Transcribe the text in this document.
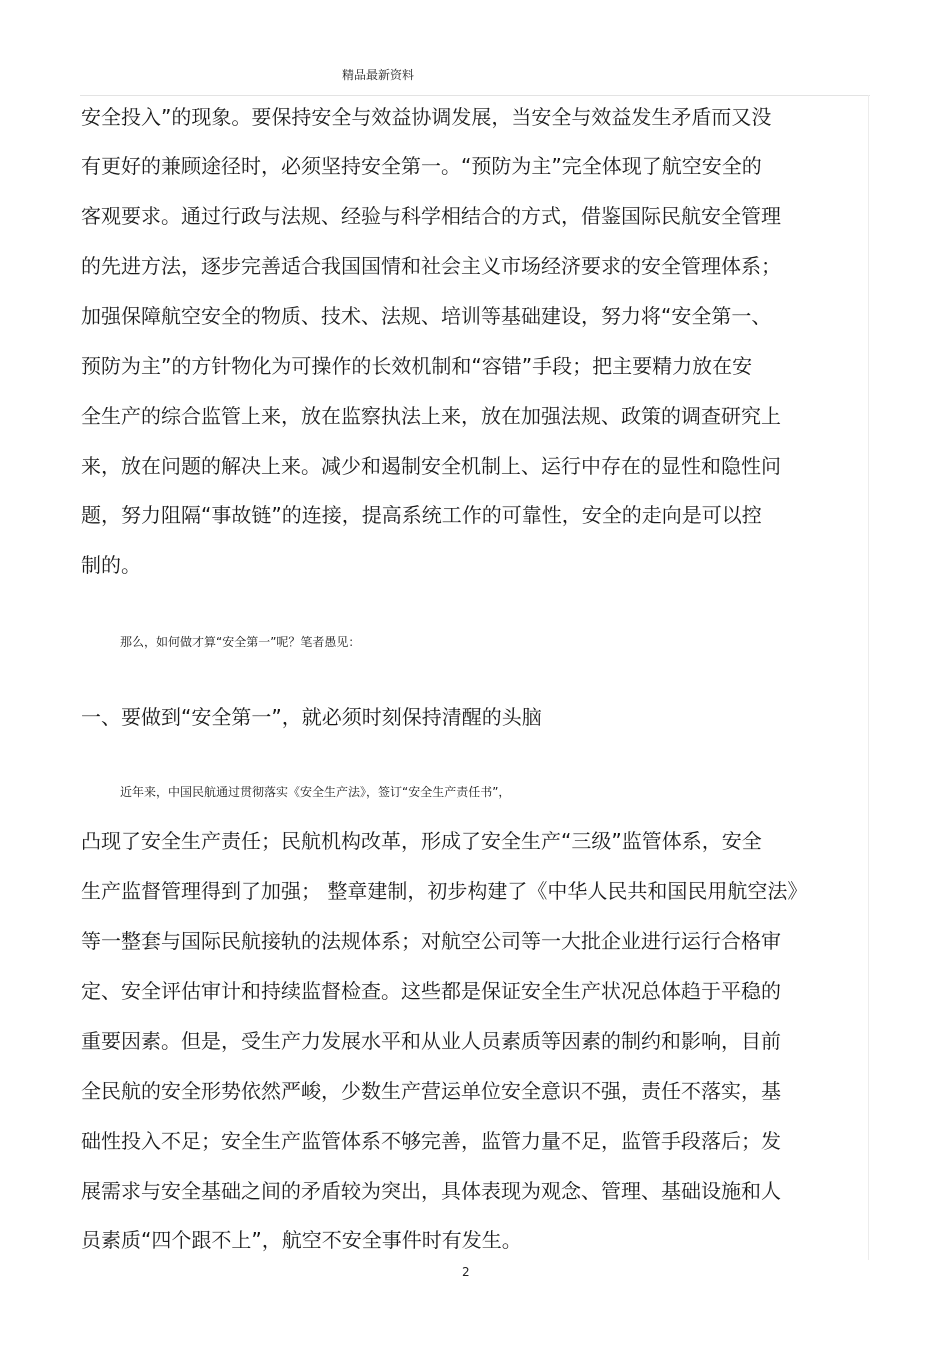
精品最新资料
安全投入”的现象。要保持安全与效益协调发展，当安全与效益发生矛盾而又没
有更好的兼顾途径时，必须坚持安全第一。“预防为主”完全体现了航空安全的
客观要求。通过行政与法规、经验与科学相结合的方式，借鉴国际民航安全管理
的先进方法，逐步完善适合我国国情和社会主义市场经济要求的安全管理体系；
加强保障航空安全的物质、技术、法规、培训等基础建设，努力将“安全第一、
预防为主”的方针物化为可操作的长效机制和“容错”手段；把主要精力放在安
全生产的综合监管上来，放在监察执法上来，放在加强法规、政策的调查研究上
来，放在问题的解决上来。减少和遏制安全机制上、运行中存在的显性和隐性问
题，努力阻隔“事故链”的连接，提高系统工作的可靠性，安全的走向是可以控
制的。
那么，如何做才算“安全第一”呢？笔者愚见：
一、要做到“安全第一”，就必须时刻保持清醒的头脑
近年来，中国民航通过贯彻落实《安全生产法》，签订“安全生产责任书”，
凸现了安全生产责任；民航机构改革，形成了安全生产“三级”监管体系，安全
生产监督管理得到了加强； 整章建制，初步构建了《中华人民共和国民用航空法》
等一整套与国际民航接轨的法规体系；对航空公司等一大批企业进行运行合格审
定、安全评估审计和持续监督检查。这些都是保证安全生产状况总体趋于平稳的
重要因素。但是，受生产力发展水平和从业人员素质等因素的制约和影响，目前
全民航的安全形势依然严峻，少数生产营运单位安全意识不强，责任不落实，基
础性投入不足；安全生产监管体系不够完善，监管力量不足，监管手段落后；发
展需求与安全基础之间的矛盾较为突出，具体表现为观念、管理、基础设施和人
员素质“四个跟不上”，航空不安全事件时有发生。
2
